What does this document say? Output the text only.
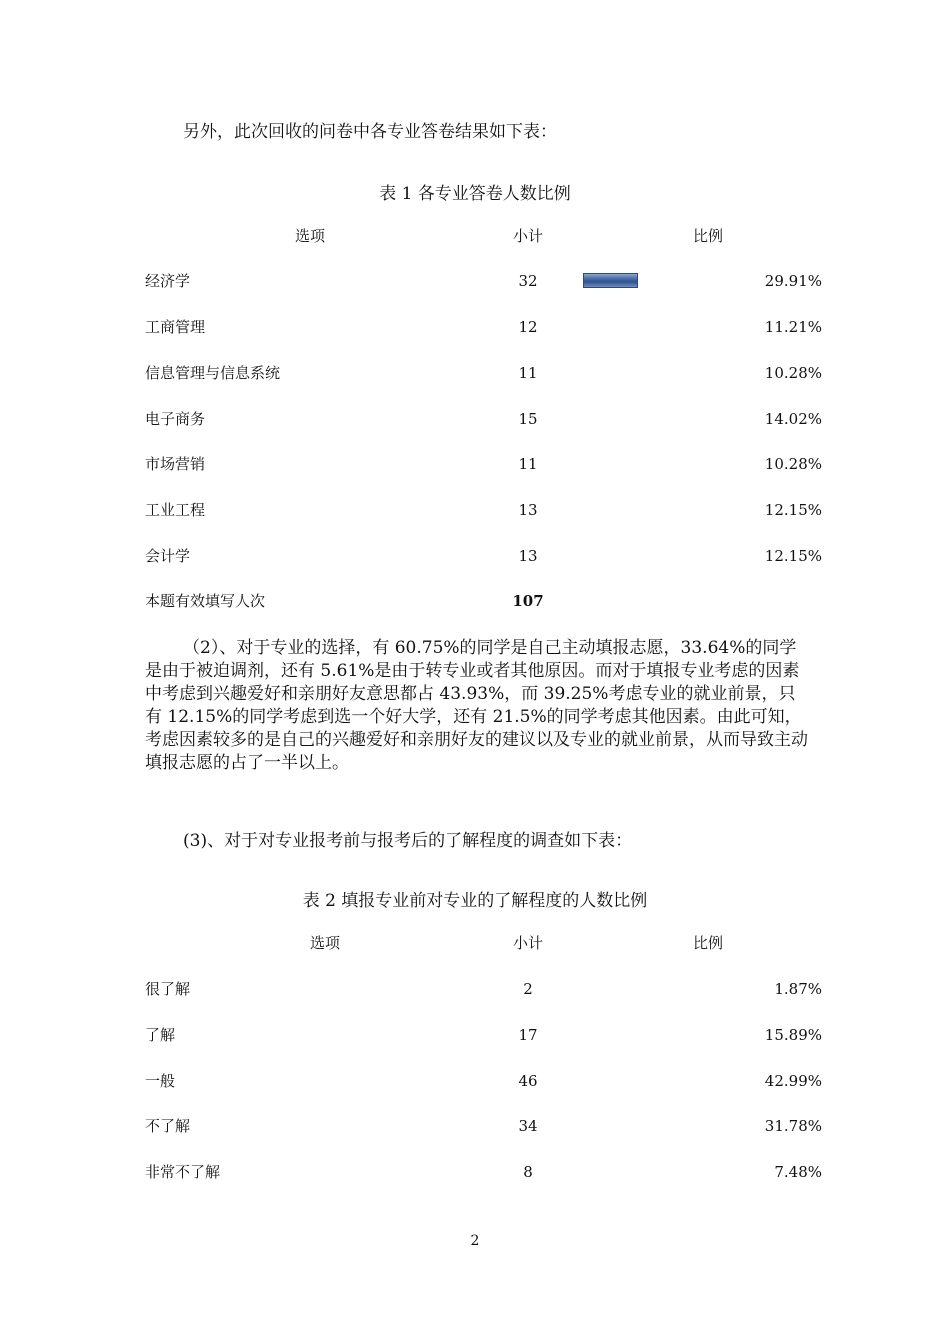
另外，此次回收的问卷中各专业答卷结果如下表：

表 1 各专业答卷人数比例

选项	小计	比例
经济学	32	29.91%
工商管理	12	11.21%
信息管理与信息系统	11	10.28%
电子商务	15	14.02%
市场营销	11	10.28%
工业工程	13	12.15%
会计学	13	12.15%
本题有效填写人次	107

（2）、对于专业的选择，有 60.75%的同学是自己主动填报志愿，33.64%的同学是由于被迫调剂，还有 5.61%是由于转专业或者其他原因。而对于填报专业考虑的因素中考虑到兴趣爱好和亲朋好友意思都占 43.93%，而 39.25%考虑专业的就业前景，只有 12.15%的同学考虑到选一个好大学，还有 21.5%的同学考虑其他因素。由此可知，考虑因素较多的是自己的兴趣爱好和亲朋好友的建议以及专业的就业前景，从而导致主动填报志愿的占了一半以上。

(3)、对于对专业报考前与报考后的了解程度的调查如下表：

表 2 填报专业前对专业的了解程度的人数比例

选项	小计	比例
很了解	2	1.87%
了解	17	15.89%
一般	46	42.99%
不了解	34	31.78%
非常不了解	8	7.48%
2
